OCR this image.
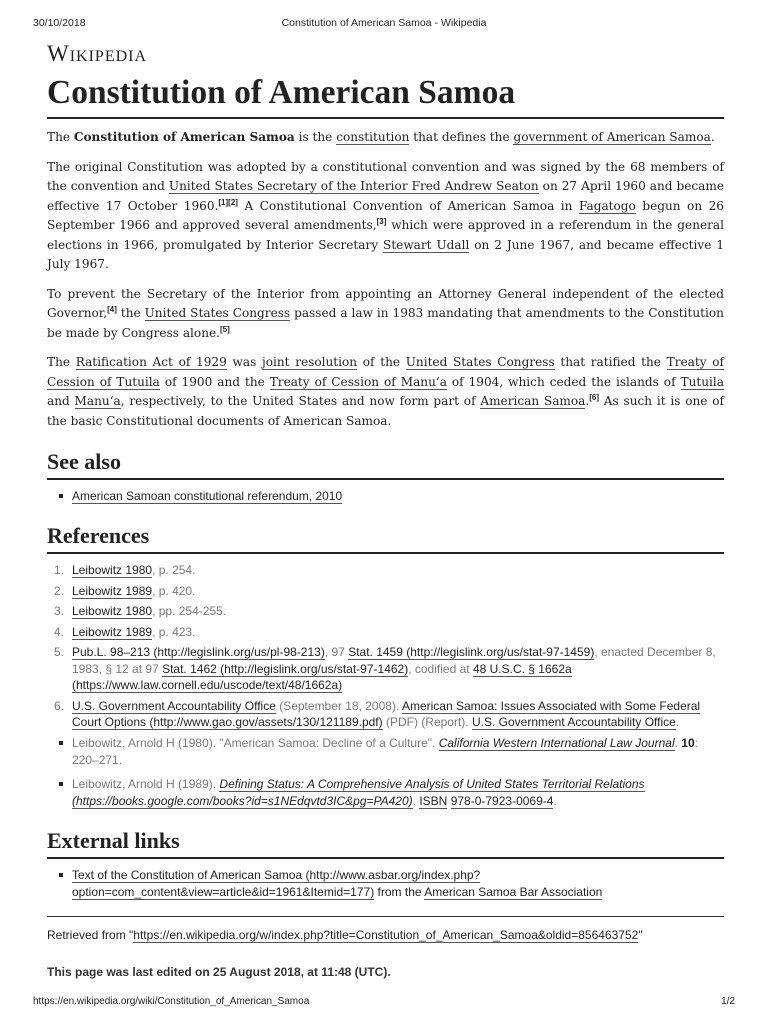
30/10/2018	Constitution of American Samoa - Wikipedia
Wikipedia
Constitution of American Samoa

The Constitution of American Samoa is the constitution that defines the government of American Samoa.

The original Constitution was adopted by a constitutional convention and was signed by the 68 members of the convention and United States Secretary of the Interior Fred Andrew Seaton on 27 April 1960 and became effective 17 October 1960.[1][2] A Constitutional Convention of American Samoa in Fagatogo begun on 26 September 1966 and approved several amendments,[3] which were approved in a referendum in the general elections in 1966, promulgated by Interior Secretary Stewart Udall on 2 June 1967, and became effective 1 July 1967.

To prevent the Secretary of the Interior from appointing an Attorney General independent of the elected Governor,[4] the United States Congress passed a law in 1983 mandating that amendments to the Constitution be made by Congress alone.[5]

The Ratification Act of 1929 was joint resolution of the United States Congress that ratified the Treaty of Cession of Tutuila of 1900 and the Treaty of Cession of Manuʻa of 1904, which ceded the islands of Tutuila and Manuʻa, respectively, to the United States and now form part of American Samoa.[6] As such it is one of the basic Constitutional documents of American Samoa.

See also
American Samoan constitutional referendum, 2010
References
1. Leibowitz 1980, p. 254.
2. Leibowitz 1989, p. 420.
3. Leibowitz 1980, pp. 254-255.
4. Leibowitz 1989, p. 423.
5. Pub.L. 98–213 (http://legislink.org/us/pl-98-213), 97 Stat. 1459 (http://legislink.org/us/stat-97-1459), enacted December 8, 1983, § 12 at 97 Stat. 1462 (http://legislink.org/us/stat-97-1462), codified at 48 U.S.C. § 1662a (https://www.law.cornell.edu/uscode/text/48/1662a)
6. U.S. Government Accountability Office (September 18, 2008). American Samoa: Issues Associated with Some Federal Court Options (http://www.gao.gov/assets/130/121189.pdf) (PDF) (Report). U.S. Government Accountability Office.
Leibowitz, Arnold H (1980). "American Samoa: Decline of a Culture". California Western International Law Journal. 10: 220–271.
Leibowitz, Arnold H (1989). Defining Status: A Comprehensive Analysis of United States Territorial Relations (https://books.google.com/books?id=s1NEdqvtd3IC&pg=PA420). ISBN 978-0-7923-0069-4.
External links
Text of the Constitution of American Samoa (http://www.asbar.org/index.php?option=com_content&view=article&id=1961&Itemid=177) from the American Samoa Bar Association
Retrieved from "https://en.wikipedia.org/w/index.php?title=Constitution_of_American_Samoa&oldid=856463752"
This page was last edited on 25 August 2018, at 11:48 (UTC).
https://en.wikipedia.org/wiki/Constitution_of_American_Samoa	1/2
